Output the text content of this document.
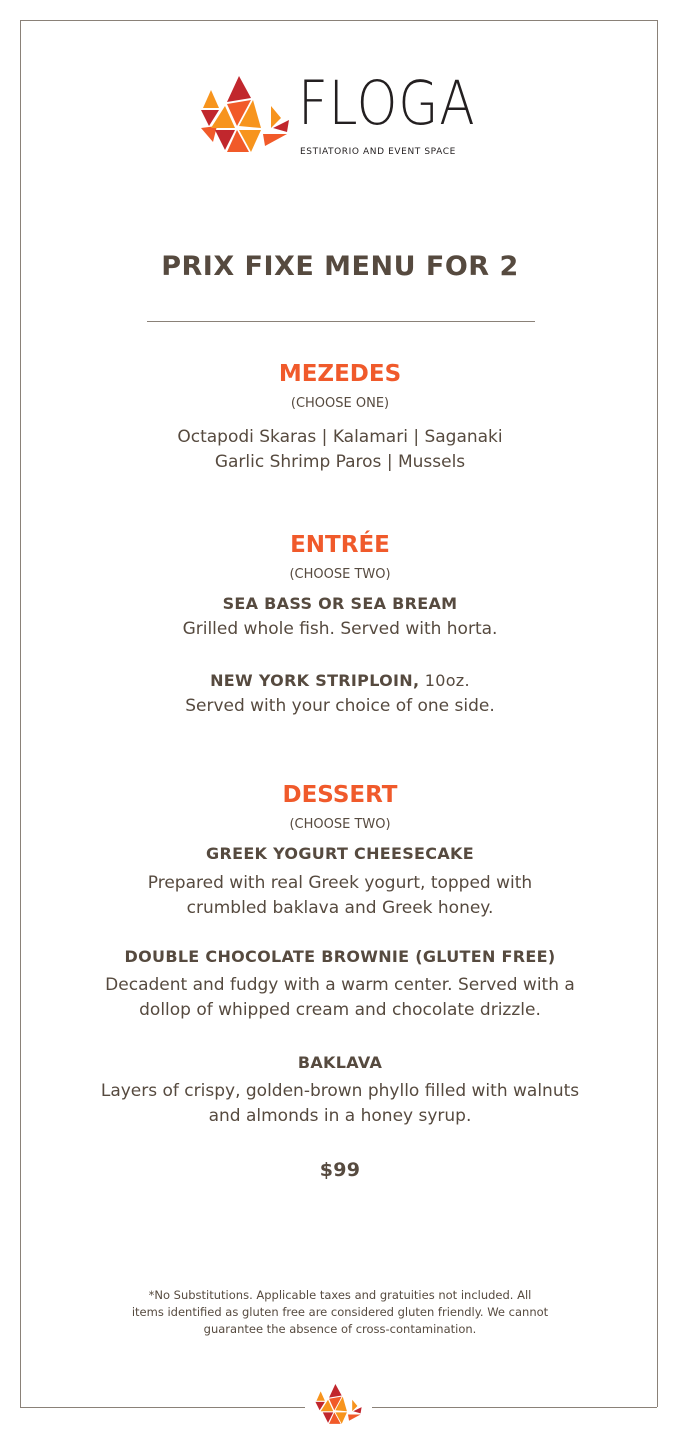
FLOGA
ESTIATORIO AND EVENT SPACE
PRIX FIXE MENU FOR 2
MEZEDES
(CHOOSE ONE)
Octapodi Skaras | Kalamari | Saganaki
Garlic Shrimp Paros | Mussels
ENTRÉE
(CHOOSE TWO)
SEA BASS OR SEA BREAM
Grilled whole fish. Served with horta.
NEW YORK STRIPLOIN, 10oz.
Served with your choice of one side.
DESSERT
(CHOOSE TWO)
GREEK YOGURT CHEESECAKE
Prepared with real Greek yogurt, topped with
crumbled baklava and Greek honey.
DOUBLE CHOCOLATE BROWNIE (GLUTEN FREE)
Decadent and fudgy with a warm center. Served with a
dollop of whipped cream and chocolate drizzle.
BAKLAVA
Layers of crispy, golden-brown phyllo filled with walnuts
and almonds in a honey syrup.
$99
*No Substitutions. Applicable taxes and gratuities not included. All
items identified as gluten free are considered gluten friendly. We cannot
guarantee the absence of cross-contamination.
